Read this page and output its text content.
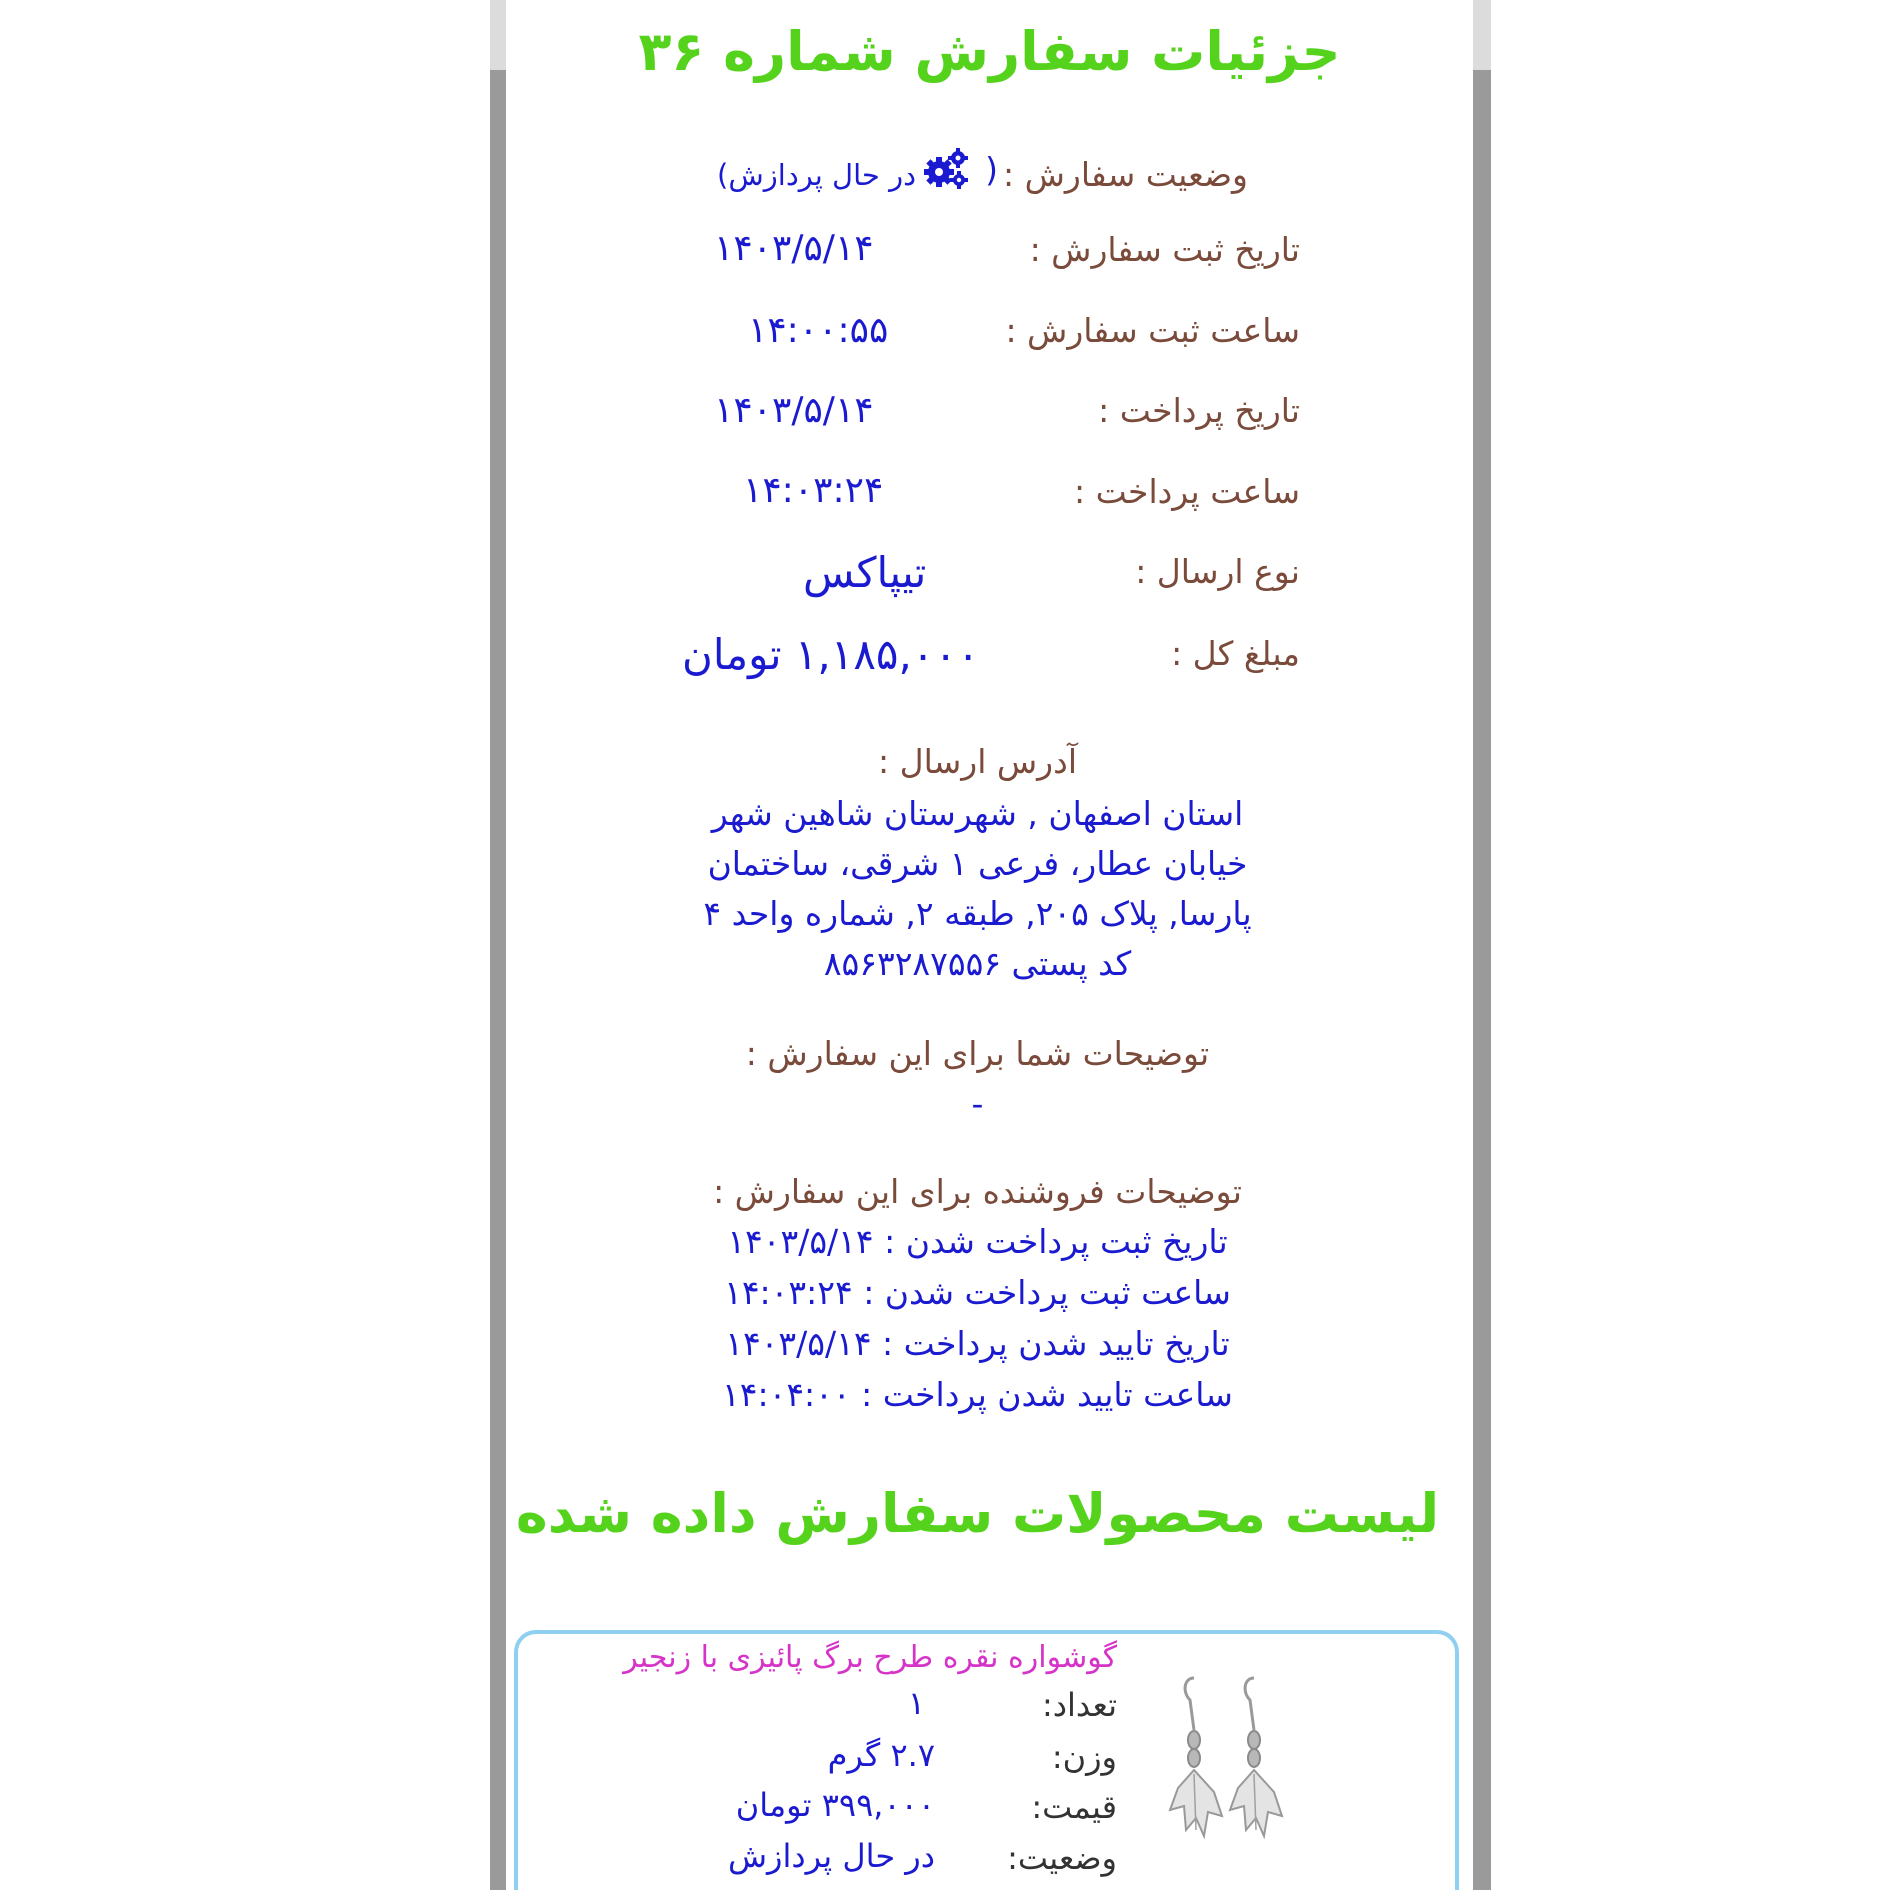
جزئیات سفارش شماره ۳۶
وضعیت سفارش :
(
در حال پردازش)
تاریخ ثبت سفارش :
۱۴۰۳/۵/۱۴
ساعت ثبت سفارش :
۱۴:۰۰:۵۵
تاریخ پرداخت :
۱۴۰۳/۵/۱۴
ساعت پرداخت :
۱۴:۰۳:۲۴
نوع ارسال :
تیپاکس
مبلغ کل :
۱,۱۸۵,۰۰۰ تومان
آدرس ارسال :
استان اصفهان , شهرستان شاهین شهر
خیابان عطار، فرعی ۱ شرقی، ساختمان
پارسا, پلاک ۲۰۵, طبقه ۲, شماره واحد ۴
کد پستی ۸۵۶۳۲۸۷۵۵۶
توضیحات شما برای این سفارش :
-
توضیحات فروشنده برای این سفارش :
تاریخ ثبت پرداخت شدن : ۱۴۰۳/۵/۱۴
ساعت ثبت پرداخت شدن : ۱۴:۰۳:۲۴
تاریخ تایید شدن پرداخت : ۱۴۰۳/۵/۱۴
ساعت تایید شدن پرداخت : ۱۴:۰۴:۰۰
لیست محصولات سفارش داده شده
گوشواره نقره طرح برگ پائیزی با زنجیر
تعداد:
۱
وزن:
۲.۷ گرم
قیمت:
۳۹۹,۰۰۰ تومان
وضعیت:
در حال پردازش
